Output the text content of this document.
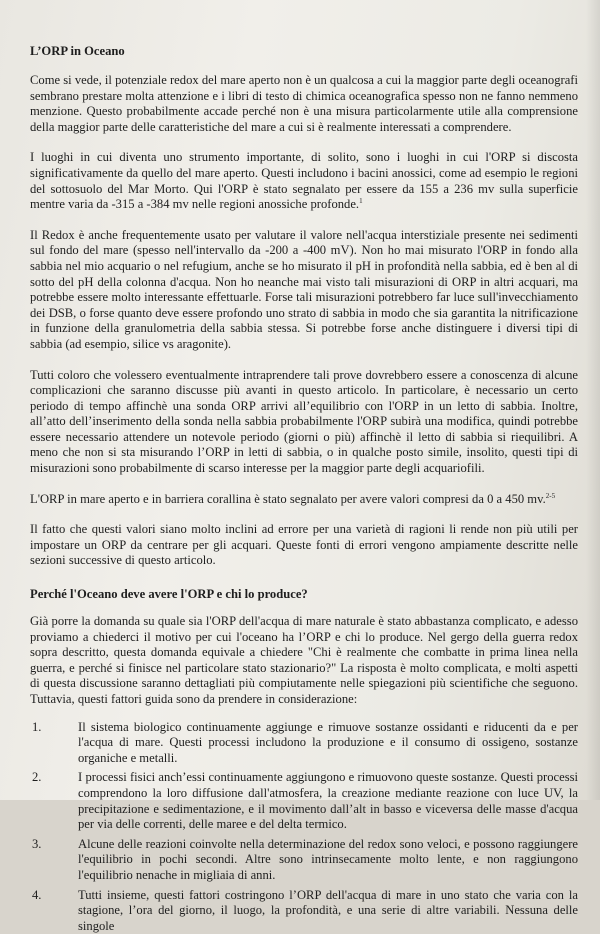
L’ORP in Oceano

Come si vede, il potenziale redox del mare aperto non è un qualcosa a cui la maggior parte degli oceanografi sembrano prestare molta attenzione e i libri di testo di chimica oceanografica spesso non ne fanno nemmeno menzione. Questo probabilmente accade perché non è una misura particolarmente utile alla comprensione della maggior parte delle caratteristiche del mare a cui si è realmente interessati a comprendere.

I luoghi in cui diventa uno strumento importante, di solito, sono i luoghi in cui l'ORP si discosta significativamente da quello del mare aperto. Questi includono i bacini anossici, come ad esempio le regioni del sottosuolo del Mar Morto. Qui l'ORP è stato segnalato per essere da 155 a 236 mv sulla superficie mentre varia da -315 a -384 mv nelle regioni anossiche profonde.$^1$

Il Redox è anche frequentemente usato per valutare il valore nell'acqua interstiziale presente nei sedimenti sul fondo del mare (spesso nell'intervallo da -200 a -400 mV). Non ho mai misurato l'ORP in fondo alla sabbia nel mio acquario o nel refugium, anche se ho misurato il pH in profondità nella sabbia, ed è ben al di sotto del pH della colonna d'acqua. Non ho neanche mai visto tali misurazioni di ORP in altri acquari, ma potrebbe essere molto interessante effettuarle. Forse tali misurazioni potrebbero far luce sull'invecchiamento dei DSB, o forse quanto deve essere profondo uno strato di sabbia in modo che sia garantita la nitrificazione in funzione della granulometria della sabbia stessa. Si potrebbe forse anche distinguere i diversi tipi di sabbia (ad esempio, silice vs aragonite).

Tutti coloro che volessero eventualmente intraprendere tali prove dovrebbero essere a conoscenza di alcune complicazioni che saranno discusse più avanti in questo articolo. In particolare, è necessario un certo periodo di tempo affinchè una sonda ORP arrivi all’equilibrio con l'ORP in un letto di sabbia. Inoltre, all’atto dell’inserimento della sonda nella sabbia probabilmente l'ORP subirà una modifica, quindi potrebbe essere necessario attendere un notevole periodo (giorni o più) affinchè il letto di sabbia si riequilibri. A meno che non si sta misurando l’ORP in letti di sabbia, o in qualche posto simile, insolito, questi tipi di misurazioni sono probabilmente di scarso interesse per la maggior parte degli acquariofili.

L'ORP in mare aperto e in barriera corallina è stato segnalato per avere valori compresi da 0 a 450 mv.$^{2-5}$

Il fatto che questi valori siano molto inclini ad errore per una varietà di ragioni li rende non più utili per impostare un ORP da centrare per gli acquari. Queste fonti di errori vengono ampiamente descritte nelle sezioni successive di questo articolo.

Perché l'Oceano deve avere l'ORP e chi lo produce?

Già porre la domanda su quale sia l'ORP dell'acqua di mare naturale è stato abbastanza complicato, e adesso proviamo a chiederci il motivo per cui l'oceano ha l’ORP e chi lo produce. Nel gergo della guerra redox sopra descritto, questa domanda equivale a chiedere "Chi è realmente che combatte in prima linea nella guerra, e perché si finisce nel particolare stato stazionario?" La risposta è molto complicata, e molti aspetti di questa discussione saranno dettagliati più compiutamente nelle spiegazioni più scientifiche che seguono. Tuttavia, questi fattori guida sono da prendere in considerazione:

1.	Il sistema biologico continuamente aggiunge e rimuove sostanze ossidanti e riducenti da e per l'acqua di mare. Questi processi includono la produzione e il consumo di ossigeno, sostanze organiche e metalli.
2.	I processi fisici anch’essi continuamente aggiungono e rimuovono queste sostanze. Questi processi comprendono la loro diffusione dall'atmosfera, la creazione mediante reazione con luce UV, la precipitazione e sedimentazione, e il movimento dall’alt in basso e viceversa delle masse d'acqua per via delle correnti, delle maree e del delta termico.
3.	Alcune delle reazioni coinvolte nella determinazione del redox sono veloci, e possono raggiungere l'equilibrio in pochi secondi. Altre sono intrinsecamente molto lente, e non raggiungono l'equilibrio nenache in migliaia di anni.
4.	Tutti insieme, questi fattori costringono l’ORP dell'acqua di mare in uno stato che varia con la stagione, l’ora del giorno, il luogo, la profondità, e una serie di altre variabili. Nessuna delle singole
